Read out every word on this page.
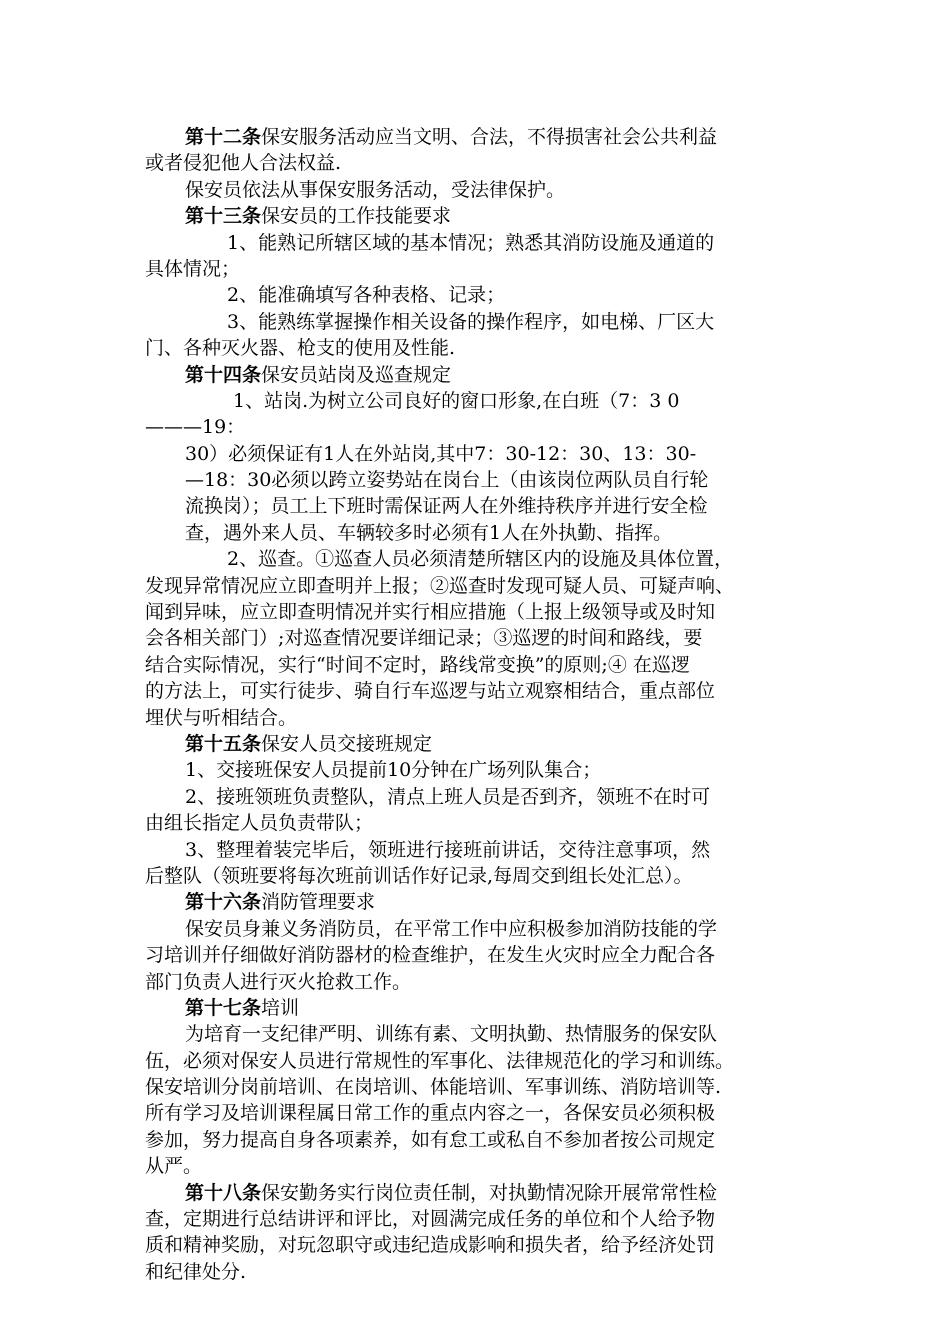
第十二条保安服务活动应当文明、合法，不得损害社会公共利益
或者侵犯他人合法权益.
保安员依法从事保安服务活动，受法律保护。
第十三条保安员的工作技能要求
1、能熟记所辖区域的基本情况；熟悉其消防设施及通道的
具体情况；
2、能准确填写各种表格、记录；
3、能熟练掌握操作相关设备的操作程序，如电梯、厂区大
门、各种灭火器、枪支的使用及性能.
第十四条保安员站岗及巡查规定
1、站岗.为树立公司良好的窗口形象,在白班（7：3 0
———19：
30）必须保证有1人在外站岗,其中7：30-12：30、13：30-
—18：30必须以跨立姿势站在岗台上（由该岗位两队员自行轮
流换岗）；员工上下班时需保证两人在外维持秩序并进行安全检
查，遇外来人员、车辆较多时必须有1人在外执勤、指挥。
2、巡查。①巡查人员必须清楚所辖区内的设施及具体位置，
发现异常情况应立即查明并上报；②巡查时发现可疑人员、可疑声响、
闻到异味，应立即查明情况并实行相应措施（上报上级领导或及时知
会各相关部门）;对巡查情况要详细记录；③巡逻的时间和路线，要
结合实际情况，实行“时间不定时，路线常变换”的原则;④ 在巡逻
的方法上，可实行徒步、骑自行车巡逻与站立观察相结合，重点部位
埋伏与听相结合。
第十五条保安人员交接班规定
1、交接班保安人员提前10分钟在广场列队集合；
2、接班领班负责整队，清点上班人员是否到齐，领班不在时可
由组长指定人员负责带队；
3、整理着装完毕后，领班进行接班前讲话，交待注意事项，然
后整队（领班要将每次班前训话作好记录,每周交到组长处汇总）。
第十六条消防管理要求
保安员身兼义务消防员，在平常工作中应积极参加消防技能的学
习培训并仔细做好消防器材的检查维护，在发生火灾时应全力配合各
部门负责人进行灭火抢救工作。
第十七条培训
为培育一支纪律严明、训练有素、文明执勤、热情服务的保安队
伍，必须对保安人员进行常规性的军事化、法律规范化的学习和训练。
保安培训分岗前培训、在岗培训、体能培训、军事训练、消防培训等.
所有学习及培训课程属日常工作的重点内容之一，各保安员必须积极
参加，努力提高自身各项素养，如有怠工或私自不参加者按公司规定
从严。
第十八条保安勤务实行岗位责任制，对执勤情况除开展常常性检
查，定期进行总结讲评和评比，对圆满完成任务的单位和个人给予物
质和精神奖励，对玩忽职守或违纪造成影响和损失者，给予经济处罚
和纪律处分.
